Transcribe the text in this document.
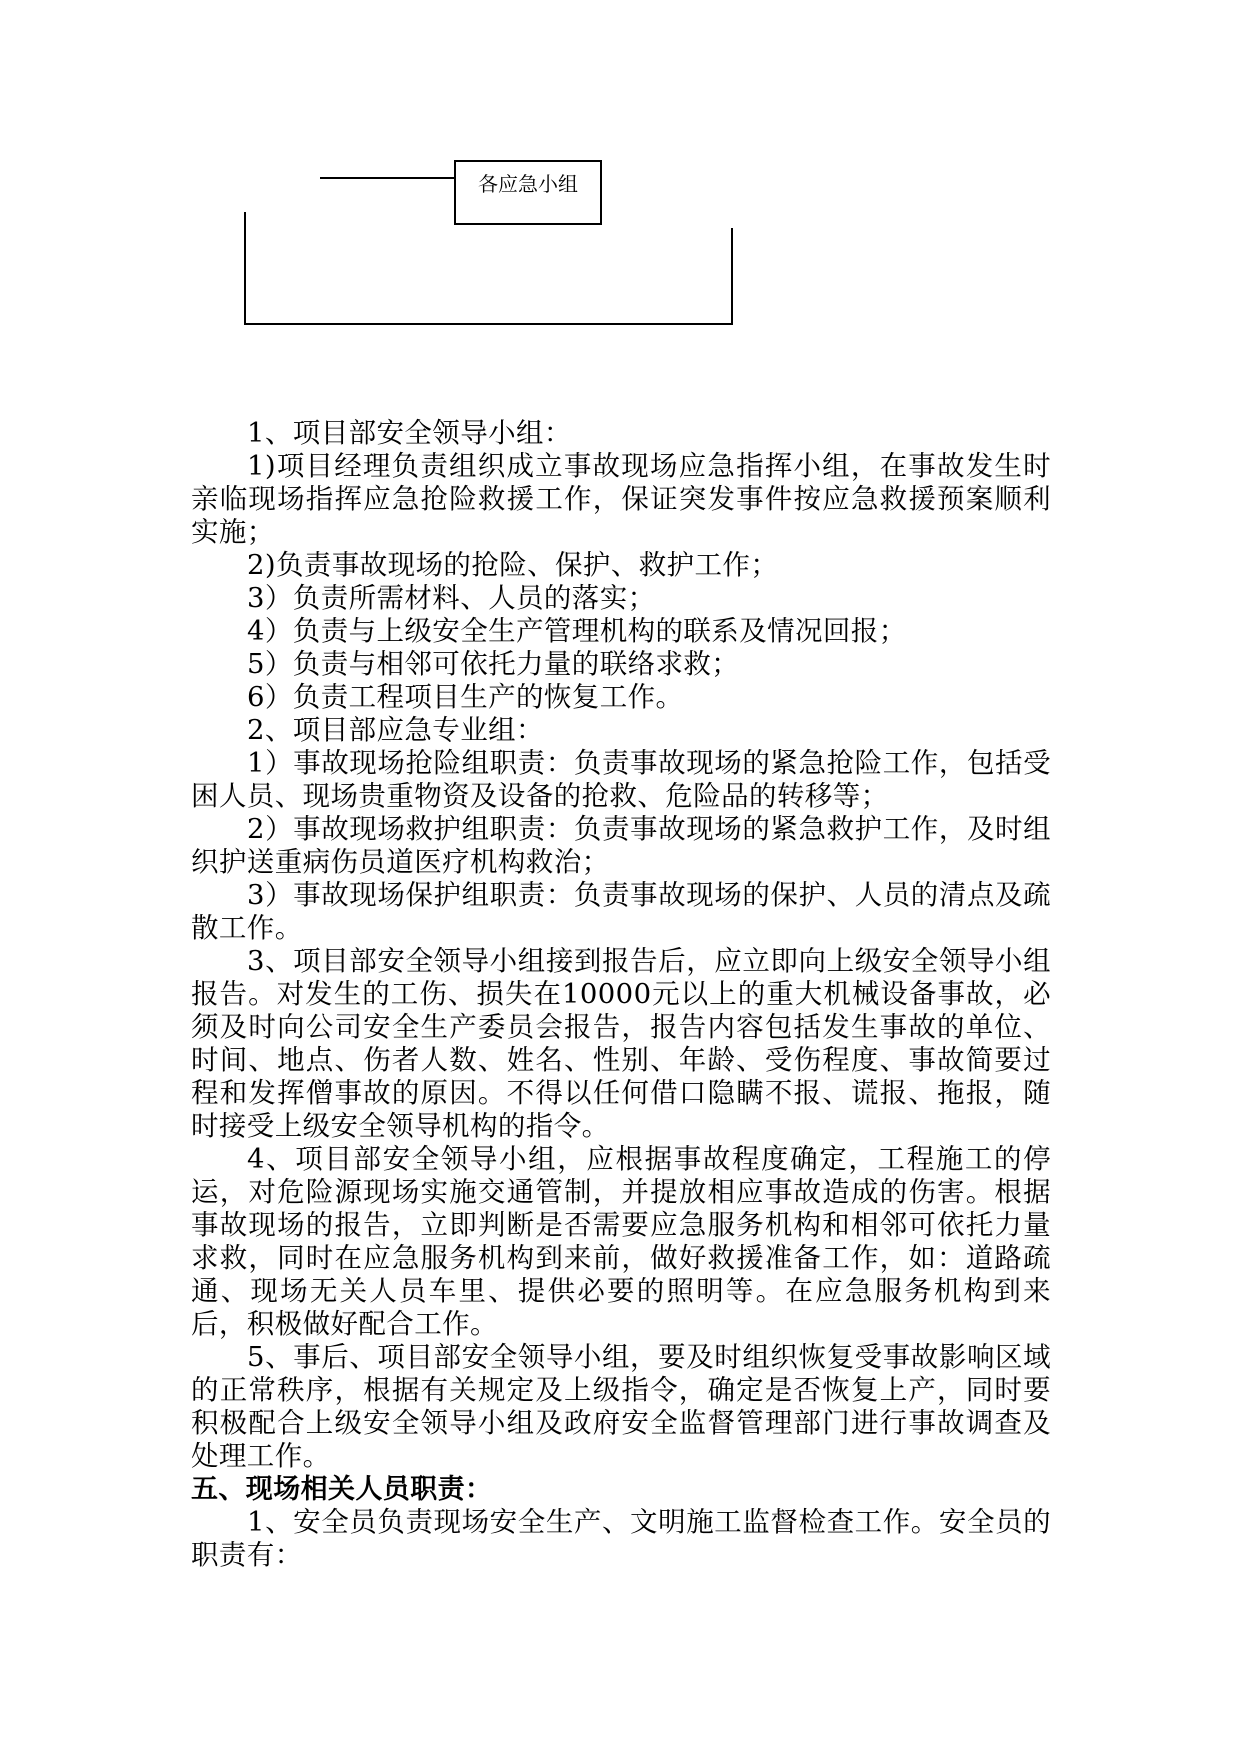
各应急小组

1、项目部安全领导小组：

1)项目经理负责组织成立事故现场应急指挥小组，在事故发生时亲临现场指挥应急抢险救援工作，保证突发事件按应急救援预案顺利实施；

2)负责事故现场的抢险、保护、救护工作；

3）负责所需材料、人员的落实；

4）负责与上级安全生产管理机构的联系及情况回报；

5）负责与相邻可依托力量的联络求救；

6）负责工程项目生产的恢复工作。

2、项目部应急专业组：

1）事故现场抢险组职责：负责事故现场的紧急抢险工作，包括受困人员、现场贵重物资及设备的抢救、危险品的转移等；

2）事故现场救护组职责：负责事故现场的紧急救护工作，及时组织护送重病伤员道医疗机构救治；

3）事故现场保护组职责：负责事故现场的保护、人员的清点及疏散工作。

3、项目部安全领导小组接到报告后，应立即向上级安全领导小组报告。对发生的工伤、损失在10000元以上的重大机械设备事故，必须及时向公司安全生产委员会报告，报告内容包括发生事故的单位、时间、地点、伤者人数、姓名、性别、年龄、受伤程度、事故简要过程和发挥僧事故的原因。不得以任何借口隐瞒不报、谎报、拖报，随时接受上级安全领导机构的指令。

4、项目部安全领导小组，应根据事故程度确定，工程施工的停运，对危险源现场实施交通管制，并提放相应事故造成的伤害。根据事故现场的报告，立即判断是否需要应急服务机构和相邻可依托力量求救，同时在应急服务机构到来前，做好救援准备工作，如：道路疏通、现场无关人员车里、提供必要的照明等。在应急服务机构到来后，积极做好配合工作。

5、事后、项目部安全领导小组，要及时组织恢复受事故影响区域的正常秩序，根据有关规定及上级指令，确定是否恢复上产，同时要积极配合上级安全领导小组及政府安全监督管理部门进行事故调查及处理工作。

五、现场相关人员职责：

1、安全员负责现场安全生产、文明施工监督检查工作。安全员的职责有：
